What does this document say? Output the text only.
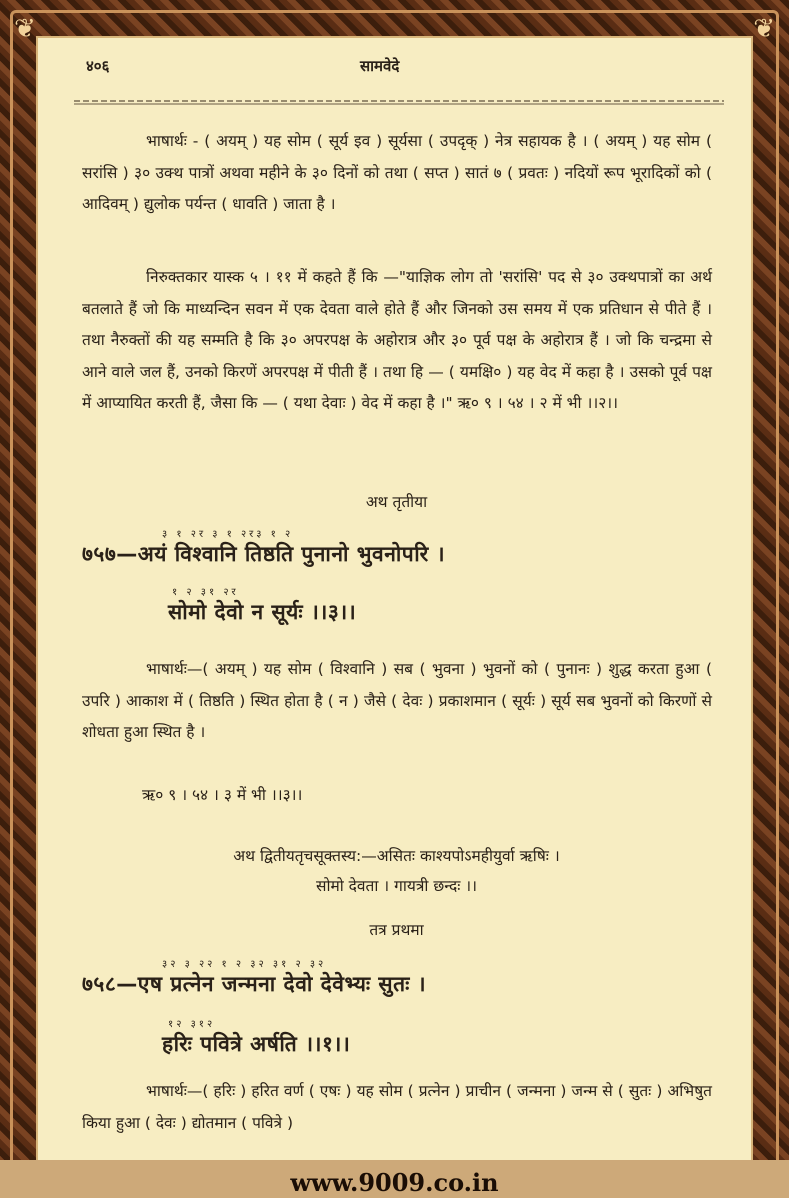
❦	❦
४०६	सामवेदे

भाषार्थः - ( अयम् ) यह सोम ( सूर्य इव ) सूर्यसा ( उपदृक् ) नेत्र सहायक है । ( अयम् ) यह सोम ( सरांसि ) ३० उक्थ पात्रों अथवा महीने के ३० दिनों को तथा ( सप्त ) सातं ७ ( प्रवतः ) नदियों रूप भूरादिकों को ( आदिवम् ) द्युलोक पर्यन्त ( धावति ) जाता है ।

निरुक्तकार यास्क ५ । ११ में कहते हैं कि —"याज्ञिक लोग तो 'सरांसि' पद से ३० उक्थपात्रों का अर्थ बतलाते हैं जो कि माध्यन्दिन सवन में एक देवता वाले होते हैं और जिनको उस समय में एक प्रतिधान से पीते हैं । तथा नैरुक्तों की यह सम्मति है कि ३० अपरपक्ष के अहोरात्र और ३० पूर्व पक्ष के अहोरात्र हैं । जो कि चन्द्रमा से आने वाले जल हैं, उनको किरणें अपरपक्ष में पीती हैं । तथा हि — ( यमक्षि० ) यह वेद में कहा है । उसको पूर्व पक्ष में आप्यायित करती हैं, जैसा कि — ( यथा देवाः ) वेद में कहा है ।" ऋ० ९ । ५४ । २ में भी ।।२।।

अथ तृतीया
३ १ २र ३ १ २र३ १ २
७५७—अयं विश्वानि तिष्ठति पुनानो भुवनोपरि ।
१ २ ३१ २र
सोमो देवो न सूर्यः ।।३।।

भाषार्थः—( अयम् ) यह सोम ( विश्वानि ) सब ( भुवना ) भुवनों को ( पुनानः ) शुद्ध करता हुआ ( उपरि ) आकाश में ( तिष्ठति ) स्थित होता है ( न ) जैसे ( देवः ) प्रकाशमान ( सूर्यः ) सूर्य सब भुवनों को किरणों से शोधता हुआ स्थित है ।

ऋ० ९ । ५४ । ३ में भी ।।३।।
अथ द्वितीयतृचसूक्तस्य:—असितः काश्यपोऽमहीयुर्वा ऋषिः ।
सोमो देवता । गायत्री छन्दः ।।
तत्र प्रथमा
३२ ३ २२ १ २ ३२ ३१ २ ३२
७५८—एष प्रत्नेन जन्मना देवो देवेभ्यः सुतः ।
१२ ३१२
हरिः पवित्रे अर्षति ।।१।।

भाषार्थः—( हरिः ) हरित वर्ण ( एषः ) यह सोम ( प्रत्नेन ) प्राचीन ( जन्मना ) जन्म से ( सुतः ) अभिषुत किया हुआ ( देवः ) द्योतमान ( पवित्रे )

www.9009.co.in
